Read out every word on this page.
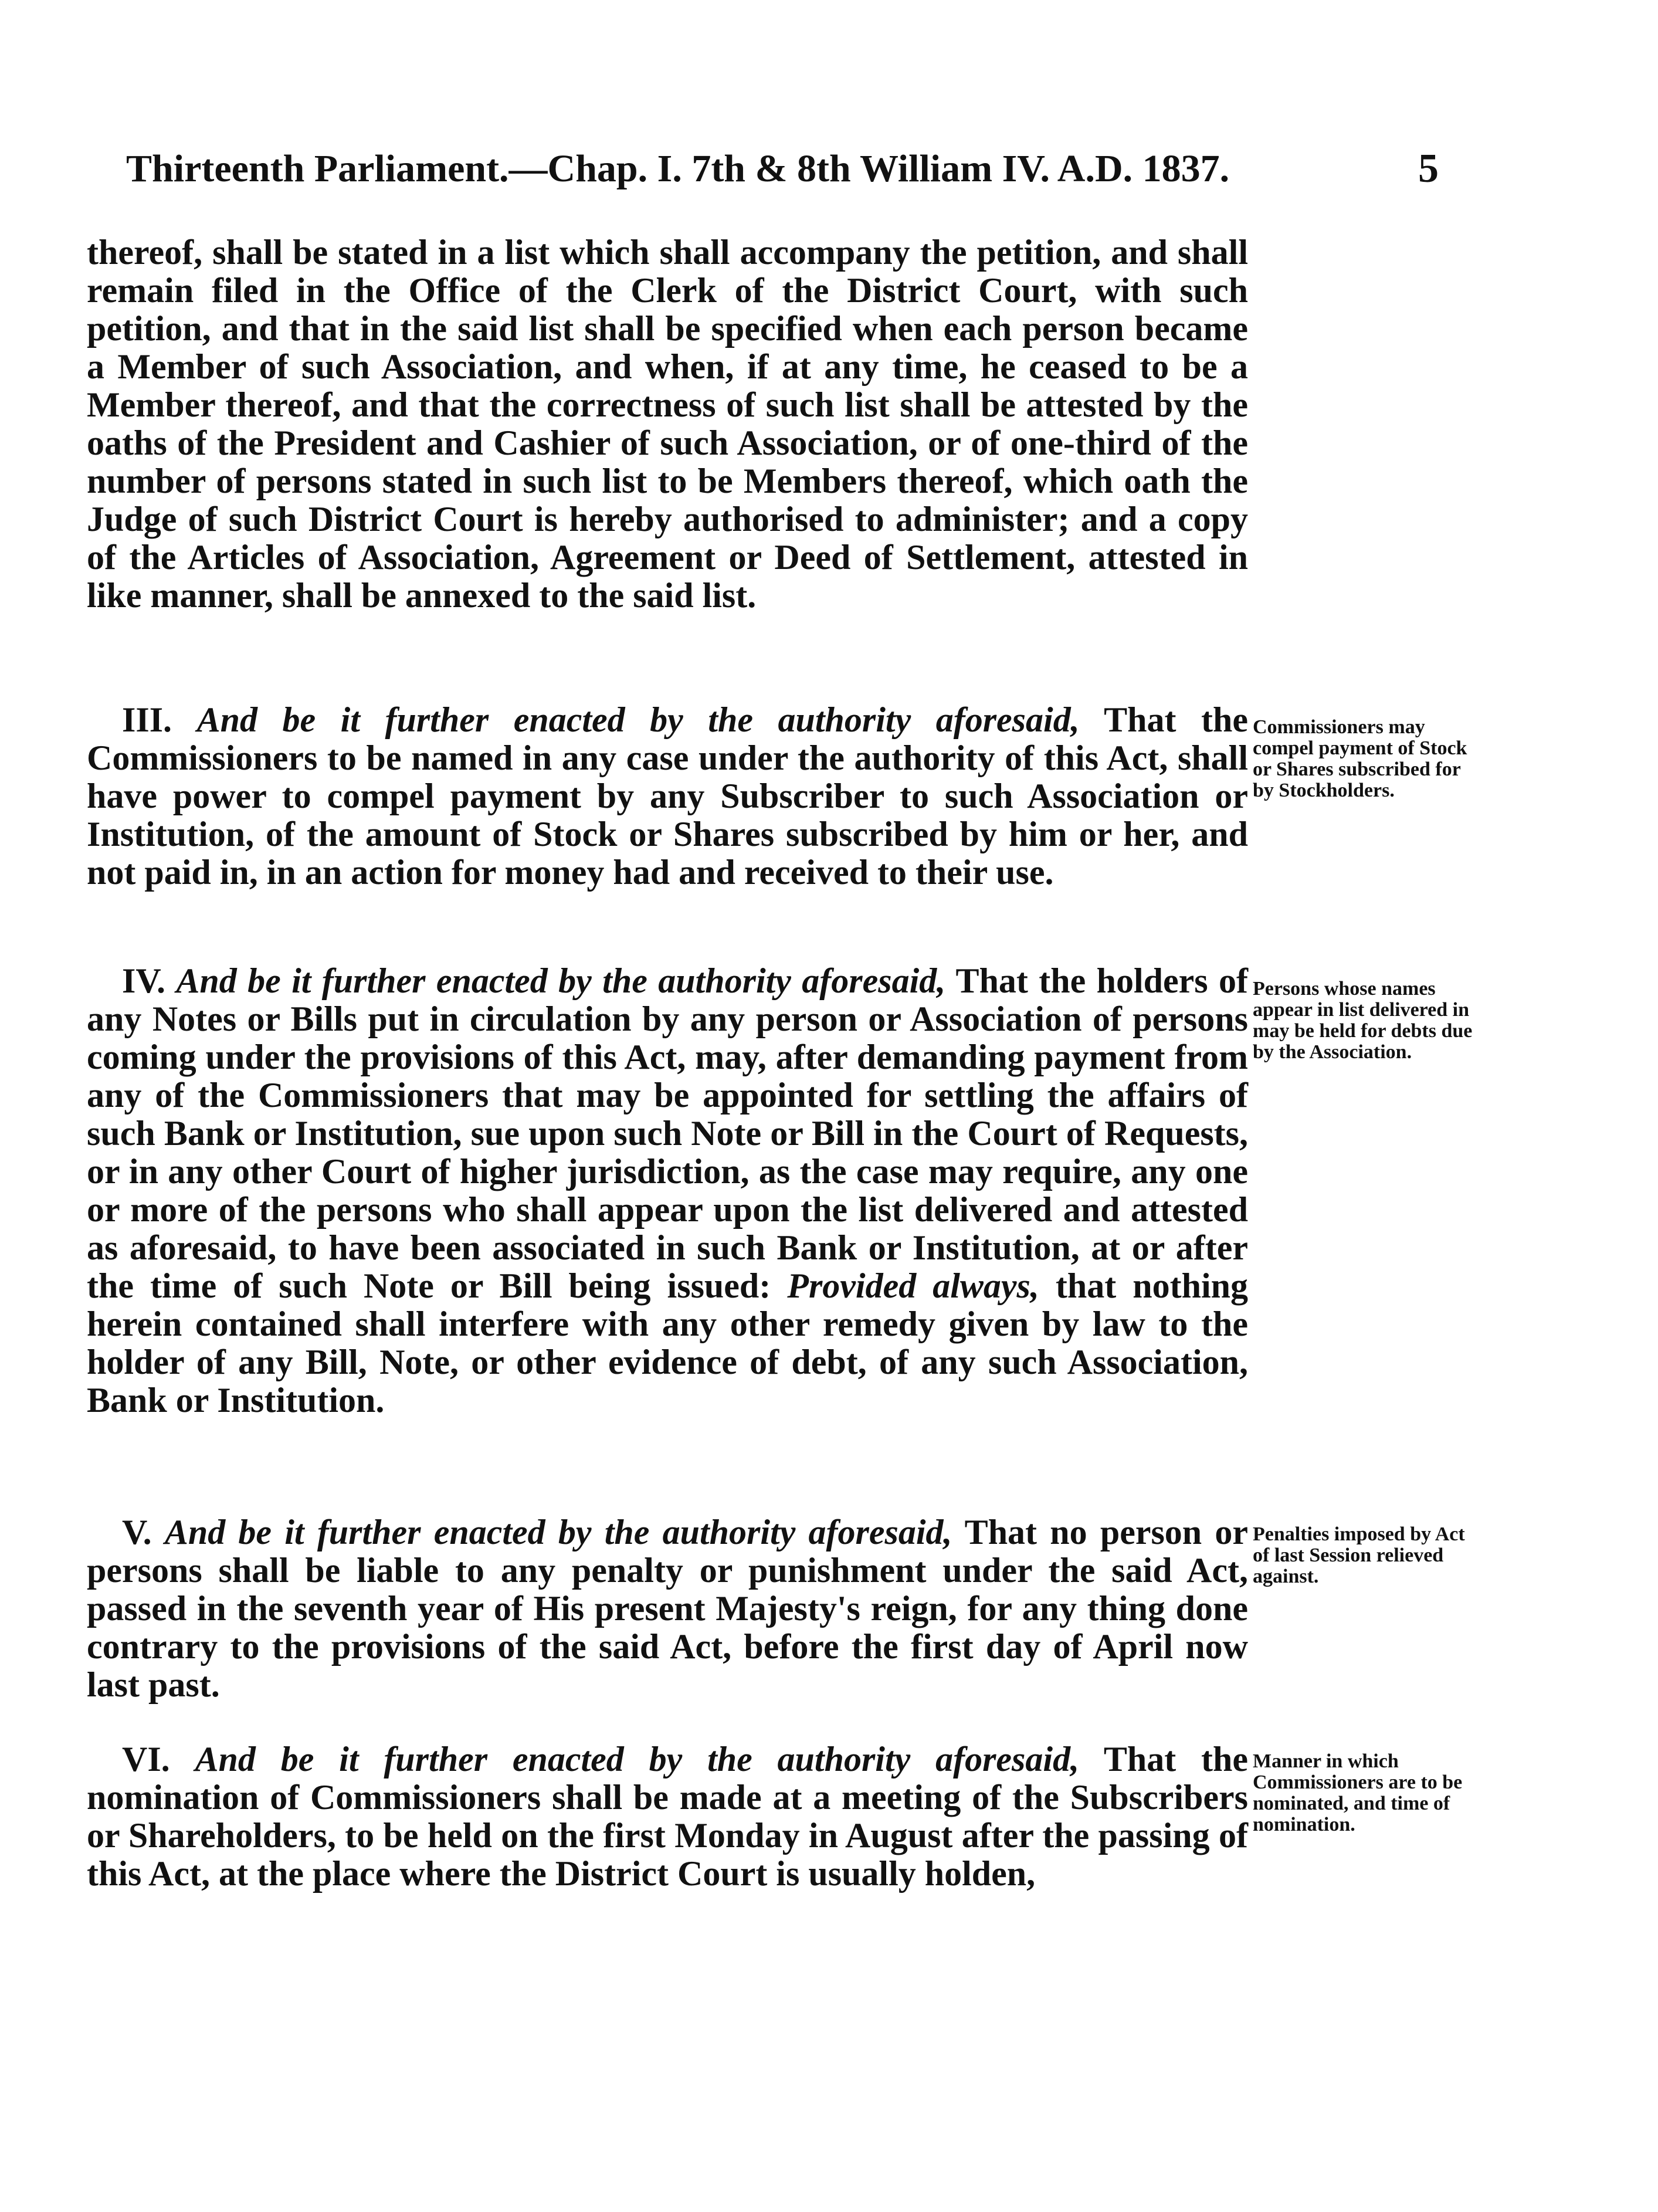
Thirteenth Parliament.—Chap. I. 7th & 8th William IV. A.D. 1837.	5
thereof, shall be stated in a list which shall accompany the petition, and shall remain filed in the Office of the Clerk of the District Court, with such petition, and that in the said list shall be specified when each person became a Member of such Association, and when, if at any time, he ceased to be a Member thereof, and that the correctness of such list shall be attested by the oaths of the President and Cashier of such Association, or of one-third of the number of persons stated in such list to be Members thereof, which oath the Judge of such District Court is hereby authorised to administer; and a copy of the Articles of Association, Agreement or Deed of Settlement, attested in like manner, shall be annexed to the said list.
III. And be it further enacted by the authority aforesaid, That the Commissioners to be named in any case under the authority of this Act, shall have power to compel payment by any Subscriber to such Association or Institution, of the amount of Stock or Shares subscribed by him or her, and not paid in, in an action for money had and received to their use.
Commissioners may compel payment of Stock or Shares subscribed for by Stockholders.
IV. And be it further enacted by the authority aforesaid, That the holders of any Notes or Bills put in circulation by any person or Association of persons coming under the provisions of this Act, may, after demanding payment from any of the Commissioners that may be appointed for settling the affairs of such Bank or Institution, sue upon such Note or Bill in the Court of Requests, or in any other Court of higher jurisdiction, as the case may require, any one or more of the persons who shall appear upon the list delivered and attested as aforesaid, to have been associated in such Bank or Institution, at or after the time of such Note or Bill being issued: Provided always, that nothing herein contained shall interfere with any other remedy given by law to the holder of any Bill, Note, or other evidence of debt, of any such Association, Bank or Institution.
Persons whose names appear in list delivered in may be held for debts due by the Association.
V. And be it further enacted by the authority aforesaid, That no person or persons shall be liable to any penalty or punishment under the said Act, passed in the seventh year of His present Majesty's reign, for any thing done contrary to the provisions of the said Act, before the first day of April now last past.
Penalties imposed by Act of last Session relieved against.
VI. And be it further enacted by the authority aforesaid, That the nomination of Commissioners shall be made at a meeting of the Subscribers or Shareholders, to be held on the first Monday in August after the passing of this Act, at the place where the District Court is usually holden,
Manner in which Commissioners are to be nominated, and time of nomination.
